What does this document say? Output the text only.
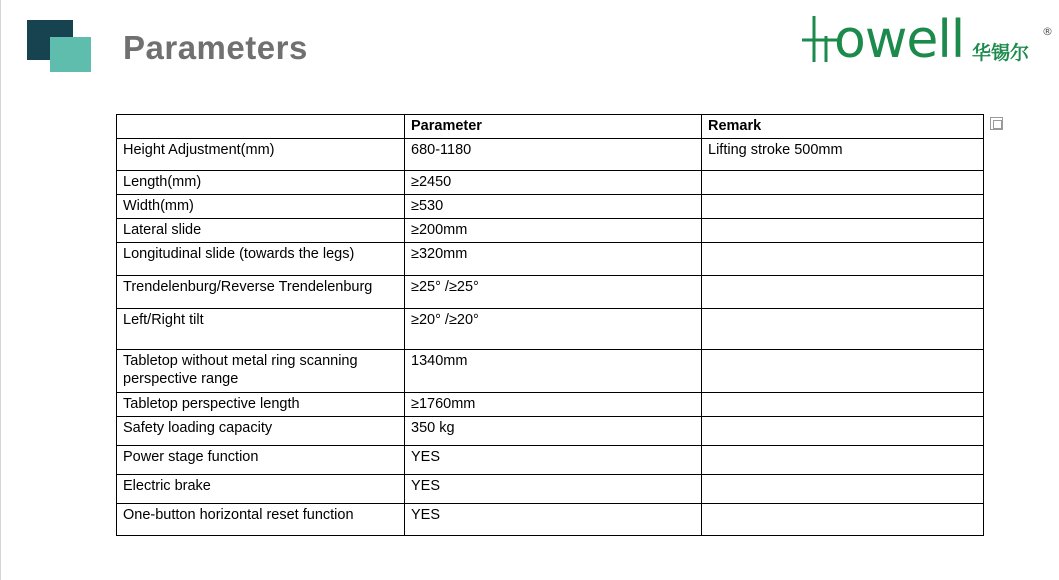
Parameters	owell 华锡尔
®
	Parameter	Remark
Height Adjustment(mm)	680-1180	Lifting stroke 500mm
Length(mm)	≥2450	
Width(mm)	≥530	
Lateral slide	≥200mm	
Longitudinal slide (towards the legs)	≥320mm	
Trendelenburg/Reverse Trendelenburg	≥25° /≥25°	
Left/Right tilt	≥20° /≥20°	
Tabletop without metal ring scanning perspective range	1340mm	
Tabletop perspective length	≥1760mm	
Safety loading capacity	350 kg	
Power stage function	YES	
Electric brake	YES	
One-button horizontal reset function	YES	
